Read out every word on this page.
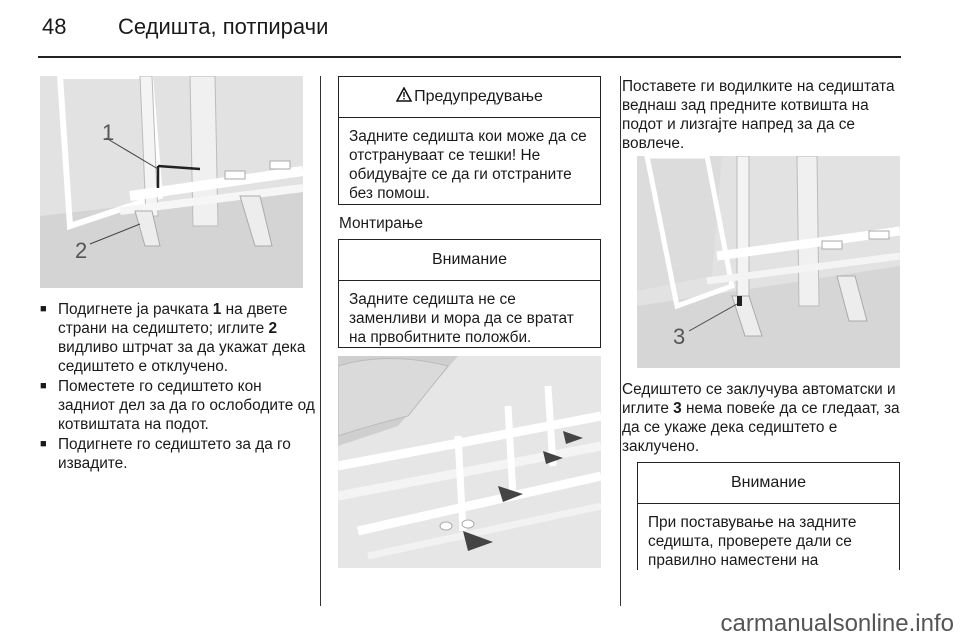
48 Седишта, потпирачи
1
2
■ Подигнете ја рачката 1 на двете страни на седиштето; иглите 2 видливо штрчат за да укажат дека седиштето е отклучено.
■ Поместете го седиштето кон задниот дел за да го ослободите од котвиштата на подот.
■ Подигнете го седиштето за да го извадите.
Предупредување
Задните седишта кои може да се отстрануваат се тешки! Не обидувајте се да ги отстраните без помош.
Монтирање
Внимание
Задните седишта не се заменливи и мора да се вратат на првобитните положби.
Поставете ги водилките на седиштата веднаш зад предните котвишта на подот и лизгајте напред за да се вовлече.
3
Седиштето се заклучува автоматски и иглите 3 нема повеќе да се гледаат, за да се укаже дека седиштето е заклучено.
Внимание
При поставување на задните седишта, проверете дали се правилно наместени на
carmanualsonline.info
